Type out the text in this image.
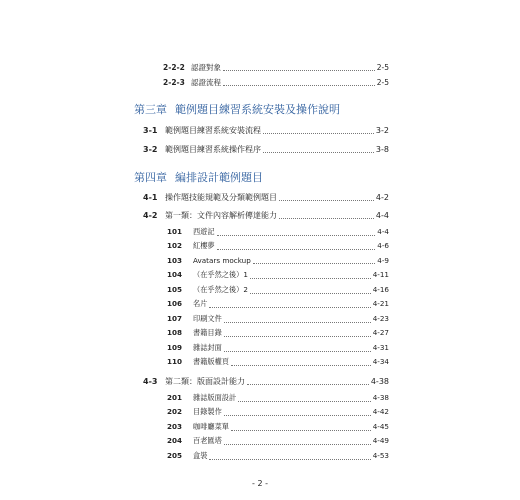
2-2-2 認證對象	2-5
2-2-3 認證流程	2-5
第三章 範例題目練習系統安裝及操作說明
3-1 範例題目練習系統安裝流程	3-2
3-2 範例題目練習系統操作程序	3-8
第四章 編排設計範例題目
4-1 操作題技能規範及分類範例題目	4-2
4-2 第一類：文件內容解析傳達能力	4-4
101	西遊記	4-4
102	紅樓夢	4-6
103	Avatars mockup	4-9
104	（在乎然之後）1	4-11
105	（在乎然之後）2	4-16
106	名片	4-21
107	印刷文件	4-23
108	書籍目錄	4-27
109	雜誌封面	4-31
110	書籍版權頁	4-34
4-3 第二類：版面設計能力	4-38
201	雜誌版面設計	4-38
202	目錄製作	4-42
203	咖啡廳菜單	4-45
204	百老匯塔	4-49
205	盒裝	4-53
- 2 -
